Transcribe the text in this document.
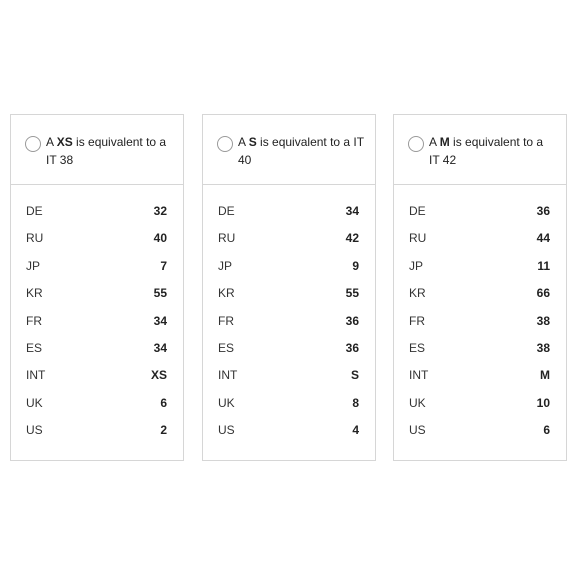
A XS is equivalent to a IT 38
DE	32
RU	40
JP	7
KR	55
FR	34
ES	34
INT	XS
UK	6
US	2
A S is equivalent to a IT 40
DE	34
RU	42
JP	9
KR	55
FR	36
ES	36
INT	S
UK	8
US	4
A M is equivalent to a IT 42
DE	36
RU	44
JP	11
KR	66
FR	38
ES	38
INT	M
UK	10
US	6
